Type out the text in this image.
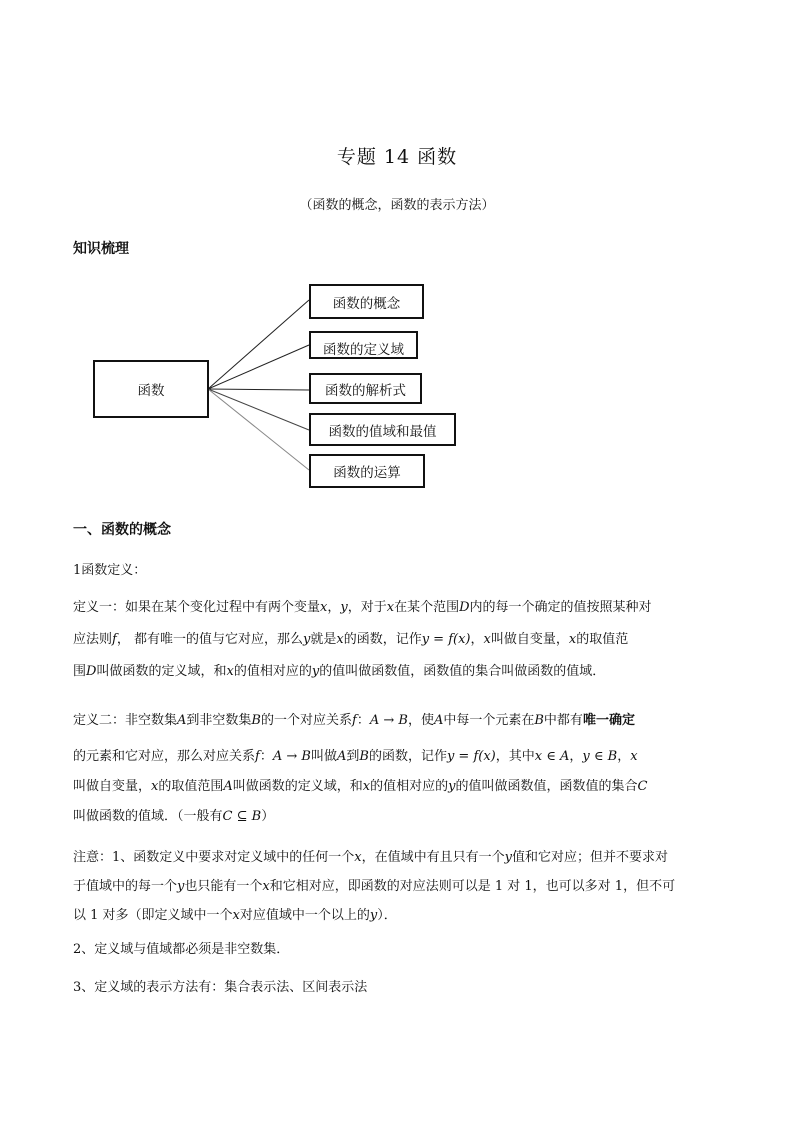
专题 14 函数
（函数的概念，函数的表示方法）
知识梳理
函数
函数的概念
函数的定义域
函数的解析式
函数的值域和最值
函数的运算
一、函数的概念
1函数定义：
定义一：如果在某个变化过程中有两个变量x，y，对于x在某个范围D内的每一个确定的值按照某种对
应法则f， 都有唯一的值与它对应，那么y就是x的函数，记作y = f(x)，x叫做自变量，x的取值范
围D叫做函数的定义域，和x的值相对应的y的值叫做函数值，函数值的集合叫做函数的值域．
定义二：非空数集A到非空数集B的一个对应关系f：A → B，使A中每一个元素在B中都有唯一确定
的元素和它对应，那么对应关系f：A → B叫做A到B的函数，记作y = f(x)，其中x ∈ A，y ∈ B，x
叫做自变量，x的取值范围A叫做函数的定义域，和x的值相对应的y的值叫做函数值，函数值的集合C
叫做函数的值域．（一般有C ⊆ B）
注意：1、函数定义中要求对定义域中的任何一个x，在值域中有且只有一个y值和它对应；但并不要求对
于值域中的每一个y也只能有一个x和它相对应，即函数的对应法则可以是 1 对 1，也可以多对 1，但不可
以 1 对多（即定义域中一个x对应值域中一个以上的y）．
2、定义域与值域都必须是非空数集．
3、定义域的表示方法有：集合表示法、区间表示法
